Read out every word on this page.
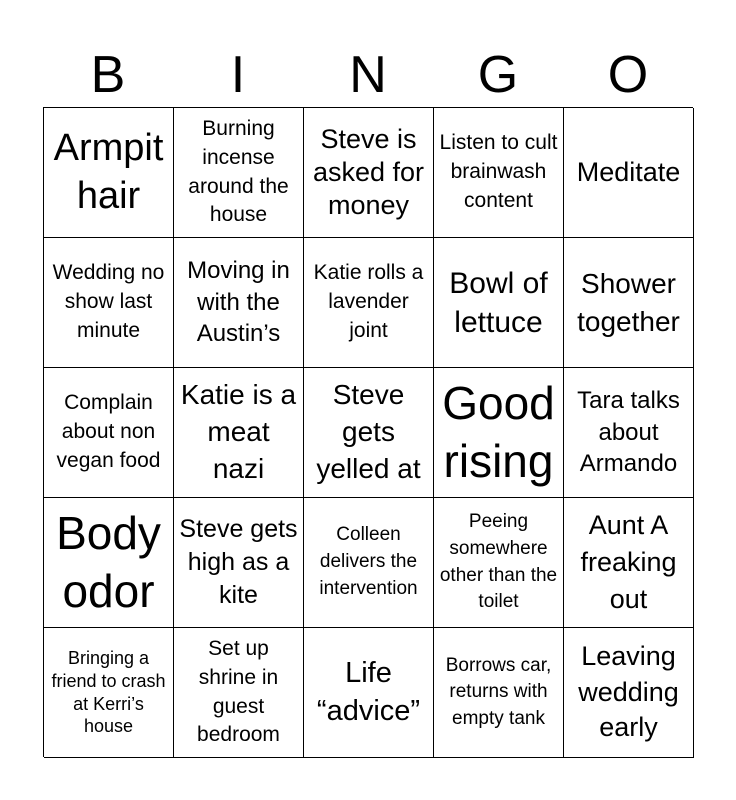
B	I	N	G	O
Armpit hair
Burning incense around the house
Steve is asked for money
Listen to cult brainwash content
Meditate
Wedding no show last minute
Moving in with the Austin’s
Katie rolls a lavender joint
Bowl of lettuce
Shower together
Complain about non vegan food
Katie is a meat nazi
Steve gets yelled at
Good rising
Tara talks about Armando
Body odor
Steve gets high as a kite
Colleen delivers the intervention
Peeing somewhere other than the toilet
Aunt A freaking out
Bringing a friend to crash at Kerri’s house
Set up shrine in guest bedroom
Life “advice”
Borrows car, returns with empty tank
Leaving wedding early
